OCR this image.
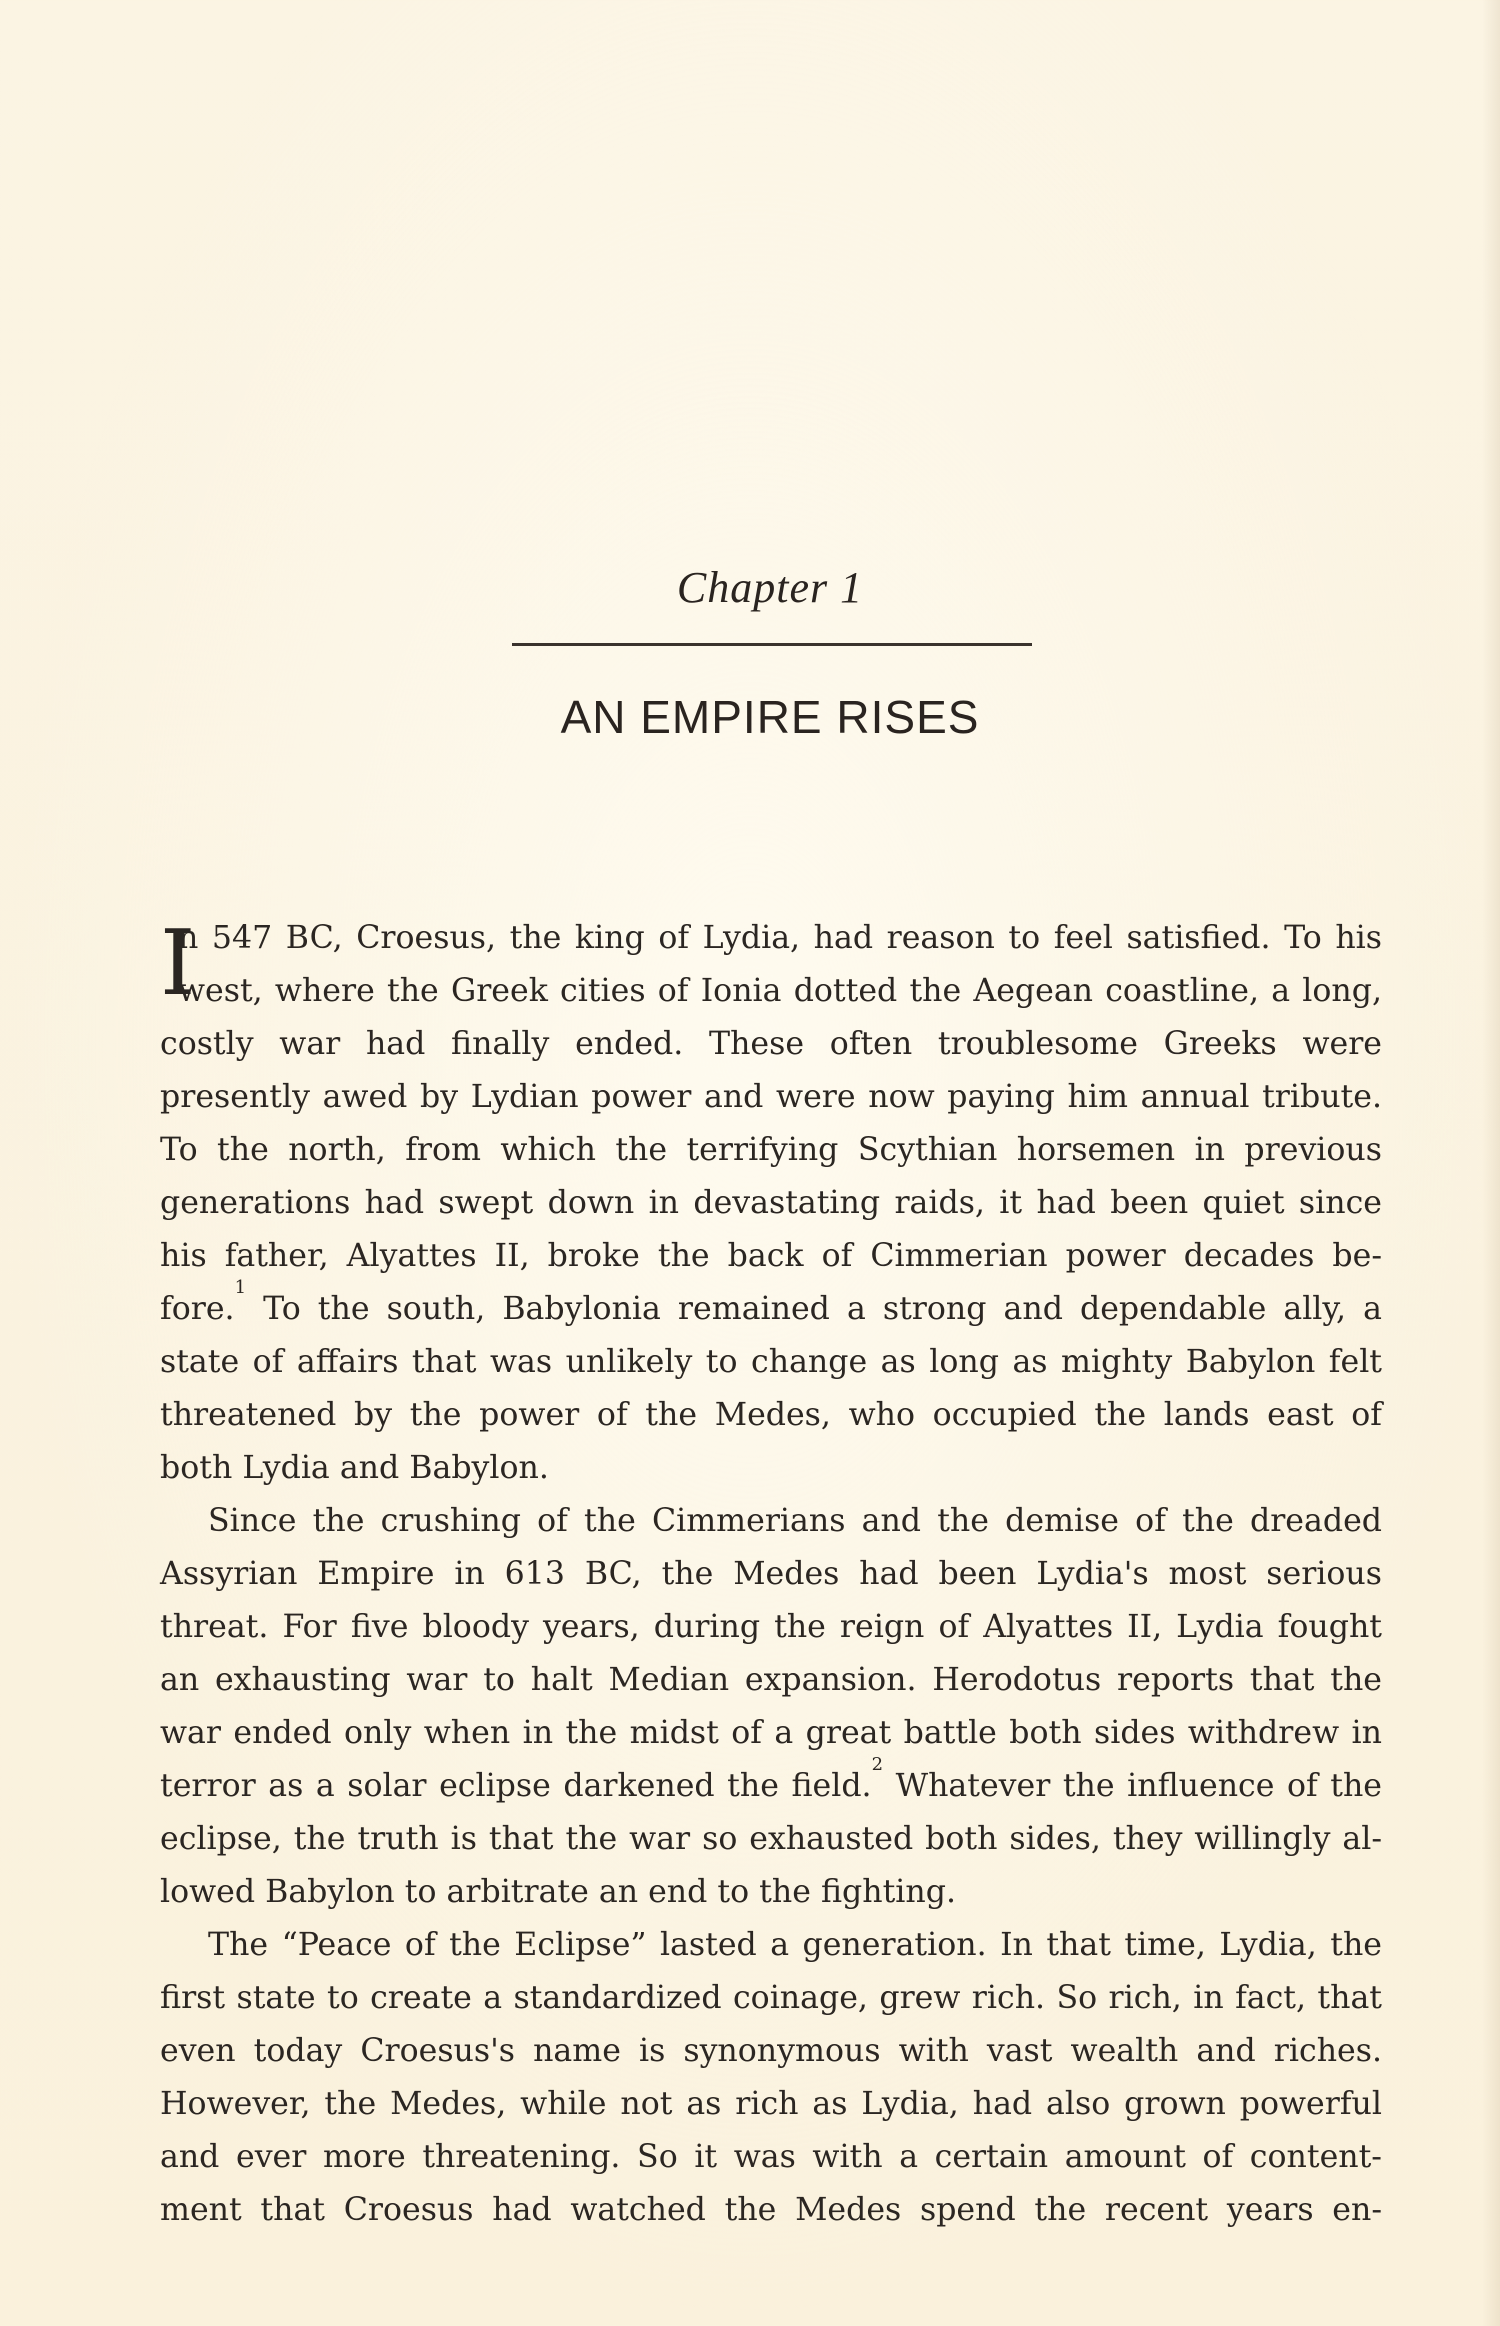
Chapter 1
AN EMPIRE RISES
I
n 547 BC, Croesus, the king of Lydia, had reason to feel satisfied. To his
west, where the Greek cities of Ionia dotted the Aegean coastline, a long,
costly war had finally ended. These often troublesome Greeks were
presently awed by Lydian power and were now paying him annual tribute.
To the north, from which the terrifying Scythian horsemen in previous
generations had swept down in devastating raids, it had been quiet since
his father, Alyattes II, broke the back of Cimmerian power decades be-
fore.$^1$ To the south, Babylonia remained a strong and dependable ally, a
state of affairs that was unlikely to change as long as mighty Babylon felt
threatened by the power of the Medes, who occupied the lands east of
both Lydia and Babylon.
Since the crushing of the Cimmerians and the demise of the dreaded
Assyrian Empire in 613 BC, the Medes had been Lydia's most serious
threat. For five bloody years, during the reign of Alyattes II, Lydia fought
an exhausting war to halt Median expansion. Herodotus reports that the
war ended only when in the midst of a great battle both sides withdrew in
terror as a solar eclipse darkened the field.$^2$ Whatever the influence of the
eclipse, the truth is that the war so exhausted both sides, they willingly al-
lowed Babylon to arbitrate an end to the fighting.
The “Peace of the Eclipse” lasted a generation. In that time, Lydia, the
first state to create a standardized coinage, grew rich. So rich, in fact, that
even today Croesus's name is synonymous with vast wealth and riches.
However, the Medes, while not as rich as Lydia, had also grown powerful
and ever more threatening. So it was with a certain amount of content-
ment that Croesus had watched the Medes spend the recent years en-
